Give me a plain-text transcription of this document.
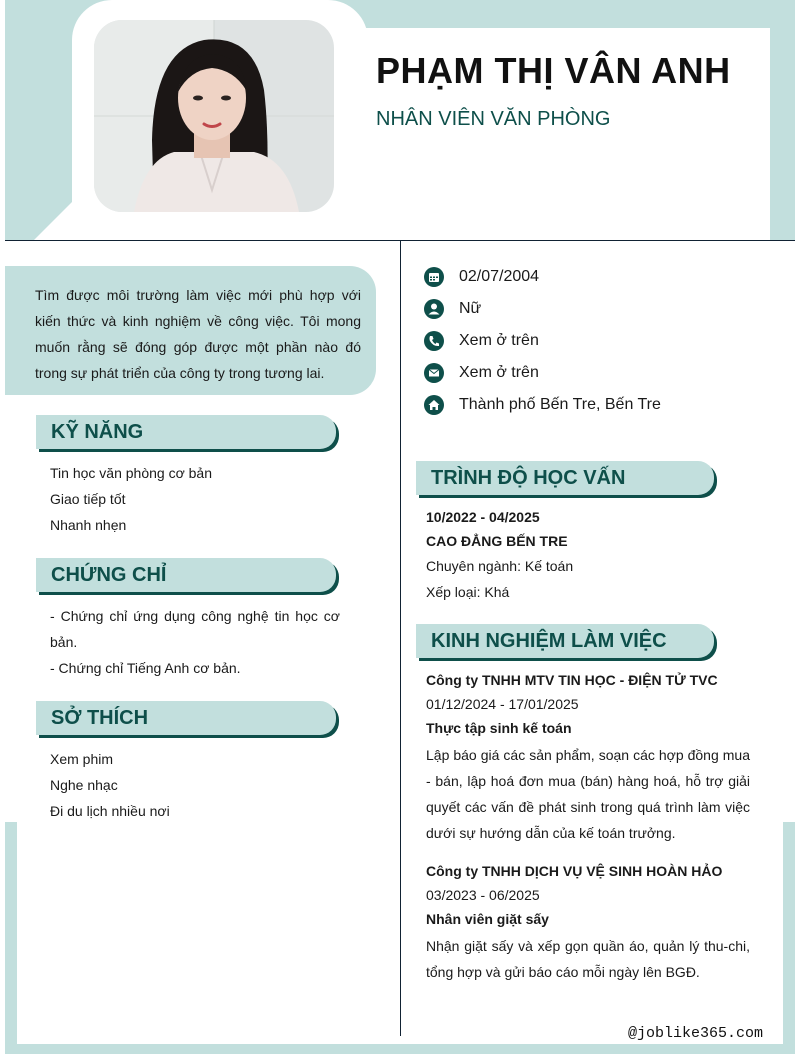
PHẠM THỊ VÂN ANH
NHÂN VIÊN VĂN PHÒNG

Tìm được môi trường làm việc mới phù hợp với kiến thức và kinh nghiệm về công việc. Tôi mong muốn rằng sẽ đóng góp được một phần nào đó trong sự phát triển của công ty trong tương lai.

KỸ NĂNG
Tin học văn phòng cơ bản
Giao tiếp tốt
Nhanh nhẹn
CHỨNG CHỈ
- Chứng chỉ ứng dụng công nghệ tin học cơ bản.
- Chứng chỉ Tiếng Anh cơ bản.
SỞ THÍCH
Xem phim
Nghe nhạc
Đi du lịch nhiều nơi
02/07/2004
Nữ
Xem ở trên
Xem ở trên
Thành phố Bến Tre, Bến Tre
TRÌNH ĐỘ HỌC VẤN
10/2022 - 04/2025
CAO ĐẲNG BẾN TRE
Chuyên ngành: Kế toán
Xếp loại: Khá
KINH NGHIỆM LÀM VIỆC
Công ty TNHH MTV TIN HỌC - ĐIỆN TỬ TVC
01/12/2024 - 17/01/2025
Thực tập sinh kế toán
Lập báo giá các sản phẩm, soạn các hợp đồng mua - bán, lập hoá đơn mua (bán) hàng hoá, hỗ trợ giải quyết các vấn đề phát sinh trong quá trình làm việc dưới sự hướng dẫn của kế toán trưởng.
Công ty TNHH DỊCH VỤ VỆ SINH HOÀN HẢO
03/2023 - 06/2025
Nhân viên giặt sấy
Nhận giặt sấy và xếp gọn quần áo, quản lý thu-chi, tổng hợp và gửi báo cáo mỗi ngày lên BGĐ.
@joblike365.com
